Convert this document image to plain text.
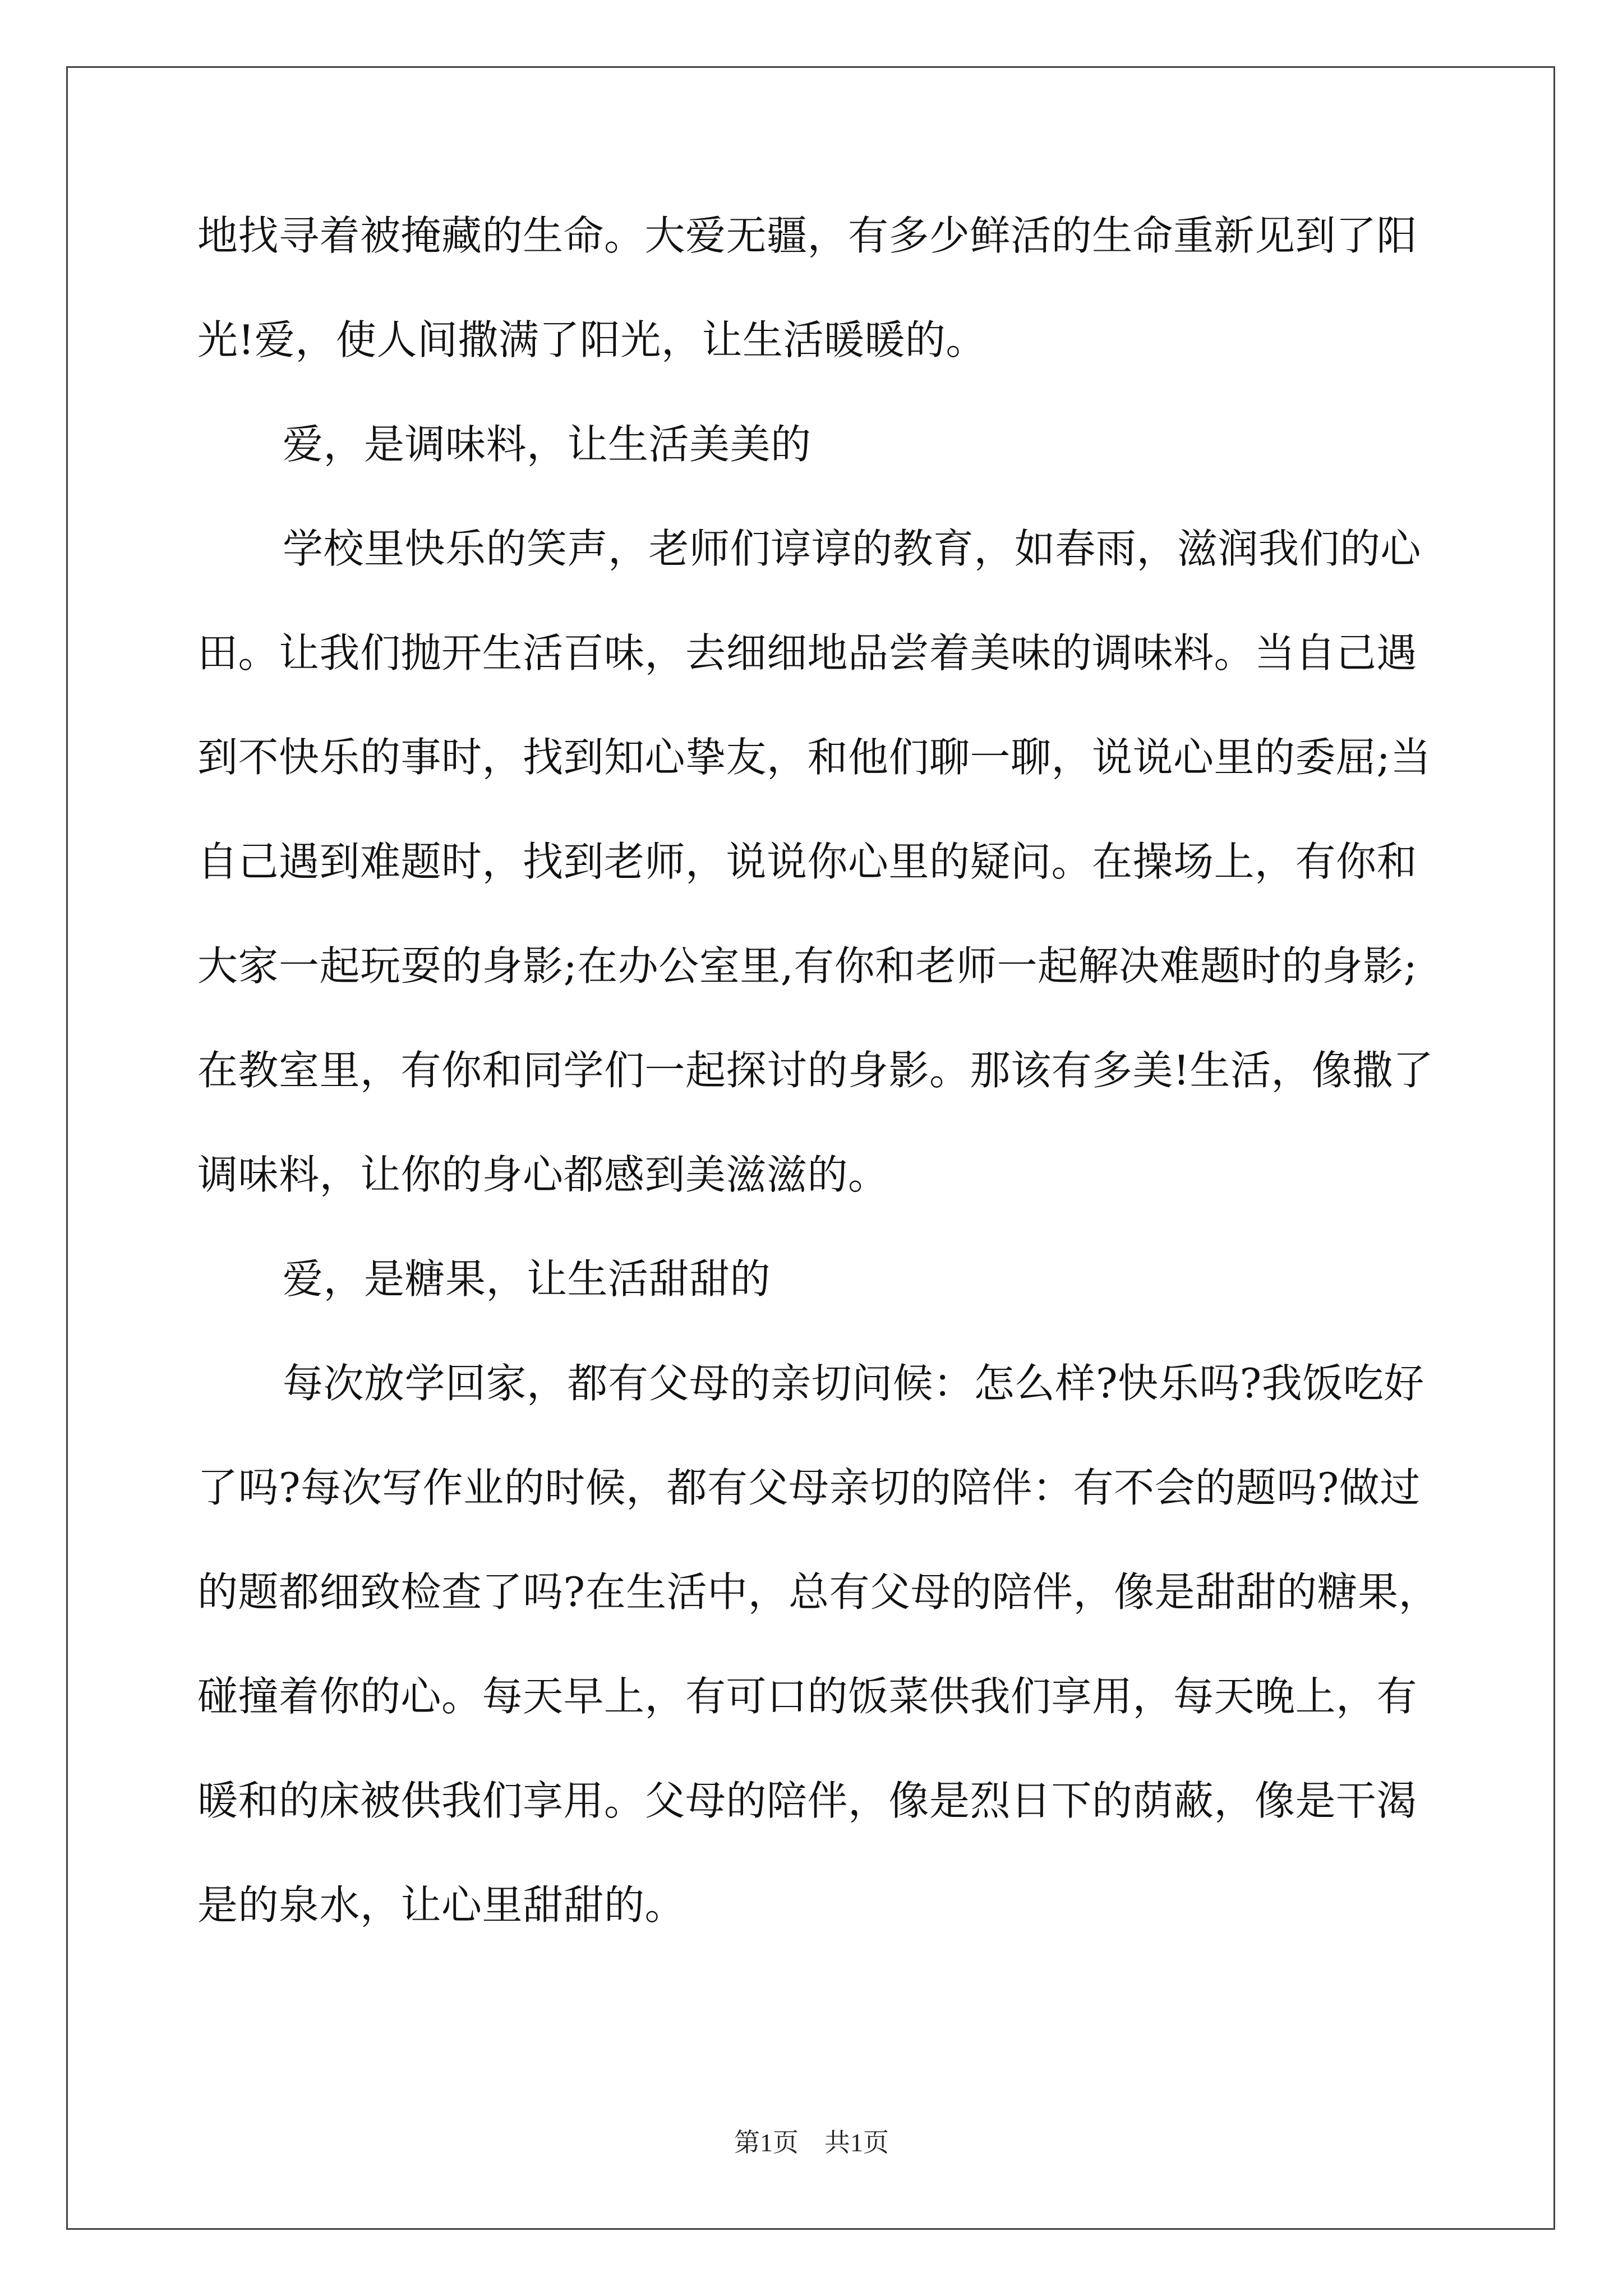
地找寻着被掩藏的生命。大爱无疆，有多少鲜活的生命重新见到了阳
光!爱，使人间撒满了阳光，让生活暖暖的。
爱，是调味料，让生活美美的
学校里快乐的笑声，老师们谆谆的教育，如春雨，滋润我们的心
田。让我们抛开生活百味，去细细地品尝着美味的调味料。当自己遇
到不快乐的事时，找到知心挚友，和他们聊一聊，说说心里的委屈;当
自己遇到难题时，找到老师，说说你心里的疑问。在操场上，有你和
大家一起玩耍的身影;在办公室里,有你和老师一起解决难题时的身影;
在教室里，有你和同学们一起探讨的身影。那该有多美!生活，像撒了
调味料，让你的身心都感到美滋滋的。
爱，是糖果，让生活甜甜的
每次放学回家，都有父母的亲切问候：怎么样?快乐吗?我饭吃好
了吗?每次写作业的时候，都有父母亲切的陪伴：有不会的题吗?做过
的题都细致检查了吗?在生活中，总有父母的陪伴，像是甜甜的糖果，
碰撞着你的心。每天早上，有可口的饭菜供我们享用，每天晚上，有
暖和的床被供我们享用。父母的陪伴，像是烈日下的荫蔽，像是干渴
是的泉水，让心里甜甜的。
第1页　共1页
